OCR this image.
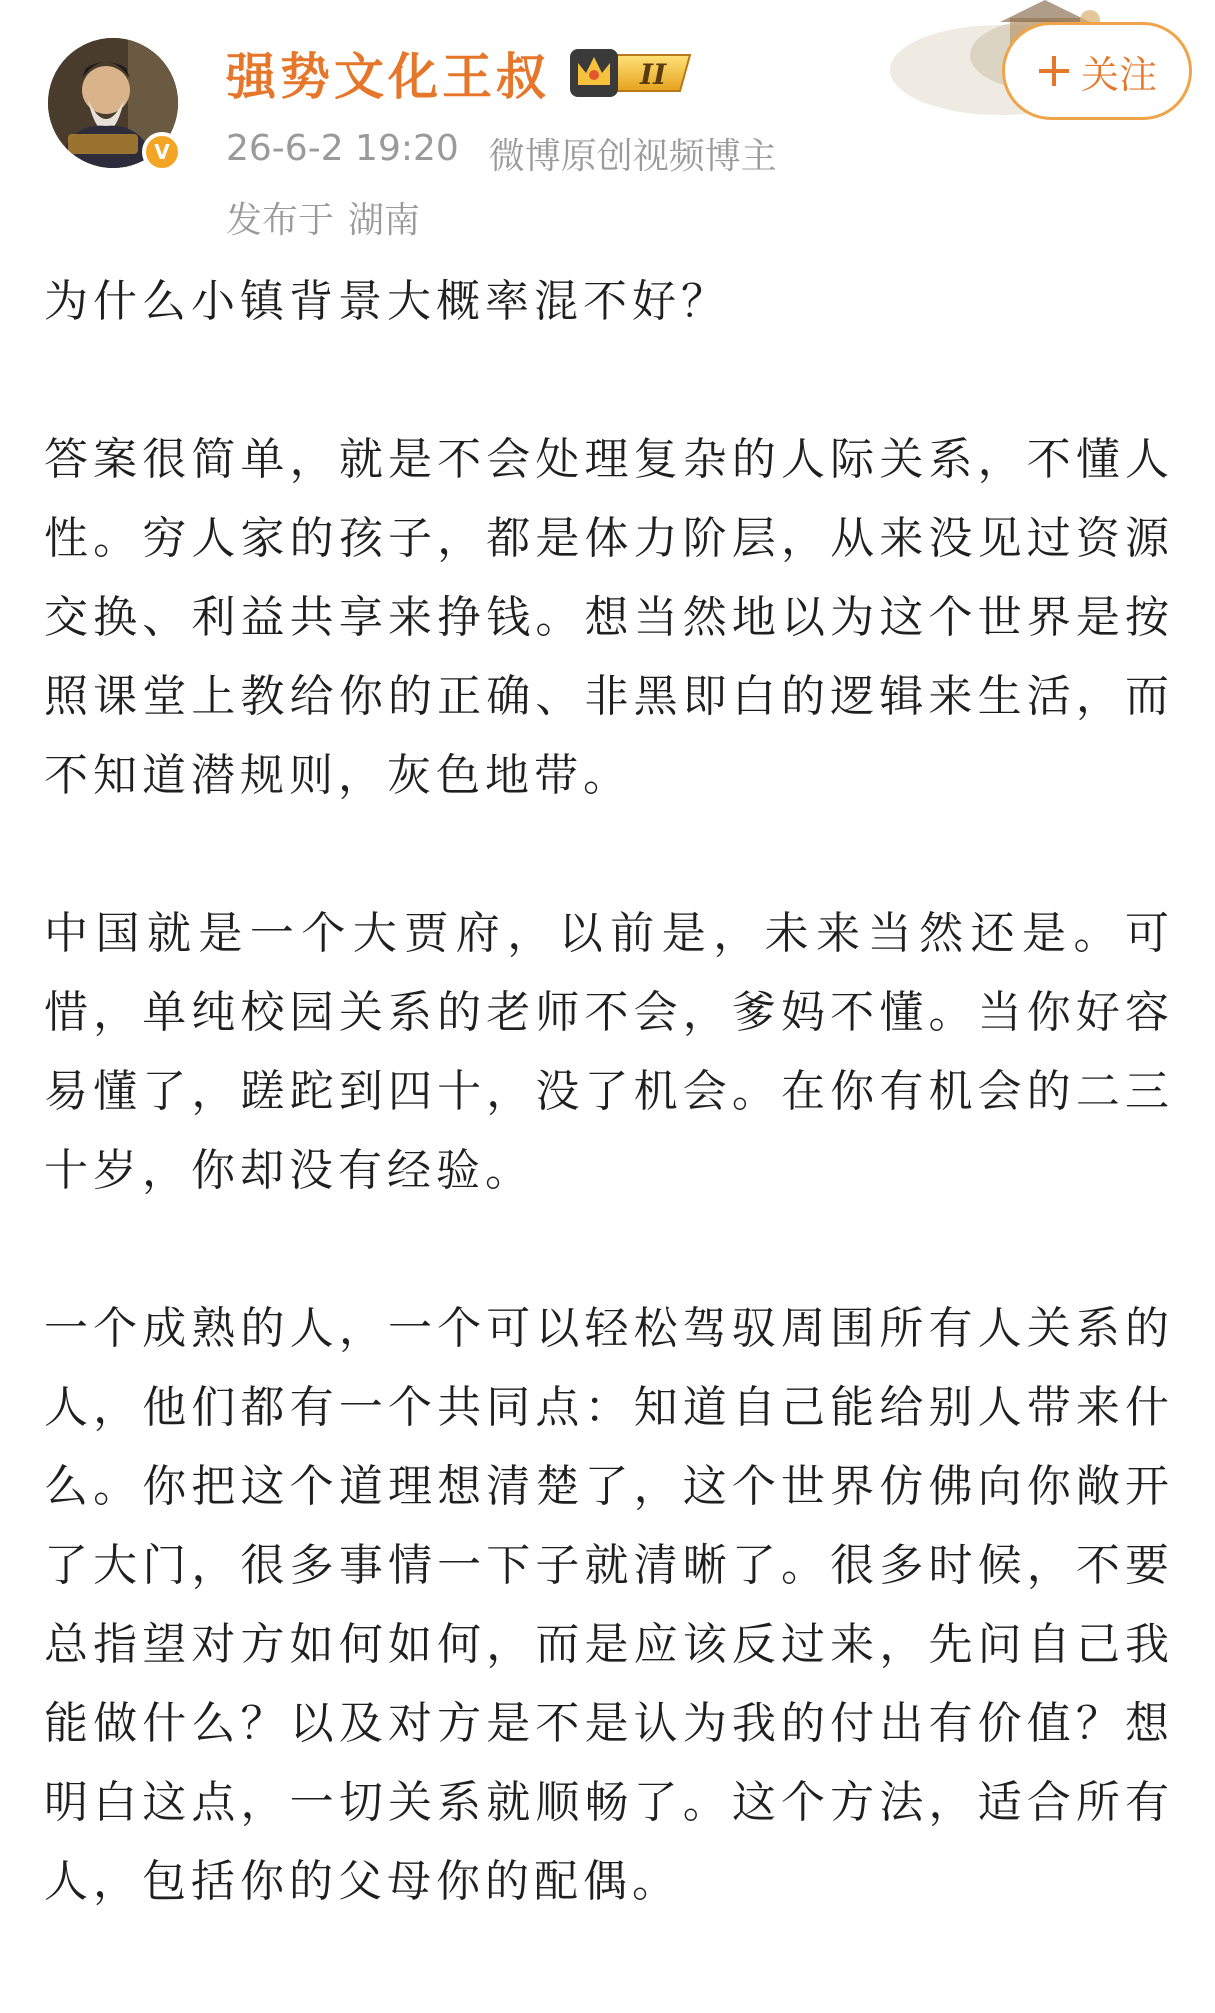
V
强势文化王叔	II
26-6-2 19:20 微博原创视频博主
发布于 湖南
关注

为什么小镇背景大概率混不好？

答案很简单，就是不会处理复杂的人际关系，不懂人性。穷人家的孩子，都是体力阶层，从来没见过资源交换、利益共享来挣钱。想当然地以为这个世界是按照课堂上教给你的正确、非黑即白的逻辑来生活，而不知道潜规则，灰色地带。

中国就是一个大贾府，以前是，未来当然还是。可惜，单纯校园关系的老师不会，爹妈不懂。当你好容易懂了，蹉跎到四十，没了机会。在你有机会的二三十岁，你却没有经验。

一个成熟的人，一个可以轻松驾驭周围所有人关系的人，他们都有一个共同点：知道自己能给别人带来什么。你把这个道理想清楚了，这个世界仿佛向你敞开了大门，很多事情一下子就清晰了。很多时候，不要总指望对方如何如何，而是应该反过来，先问自己我能做什么？以及对方是不是认为我的付出有价值？想明白这点，一切关系就顺畅了。这个方法，适合所有人，包括你的父母你的配偶。
